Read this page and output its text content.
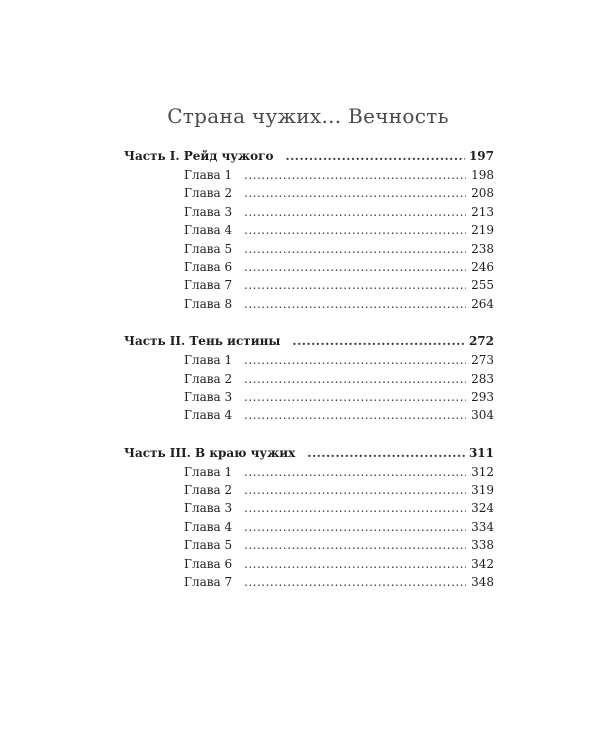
Страна чужих... Вечность
Часть I. Рейд чужого .....	197
Глава 1 .....	198
Глава 2 .....	208
Глава 3 .....	213
Глава 4 .....	219
Глава 5 .....	238
Глава 6 .....	246
Глава 7 .....	255
Глава 8 .....	264
Часть II. Тень истины .....	272
Глава 1 .....	273
Глава 2 .....	283
Глава 3 .....	293
Глава 4 .....	304
Часть III. В краю чужих .....	311
Глава 1 .....	312
Глава 2 .....	319
Глава 3 .....	324
Глава 4 .....	334
Глава 5 .....	338
Глава 6 .....	342
Глава 7 .....	348
